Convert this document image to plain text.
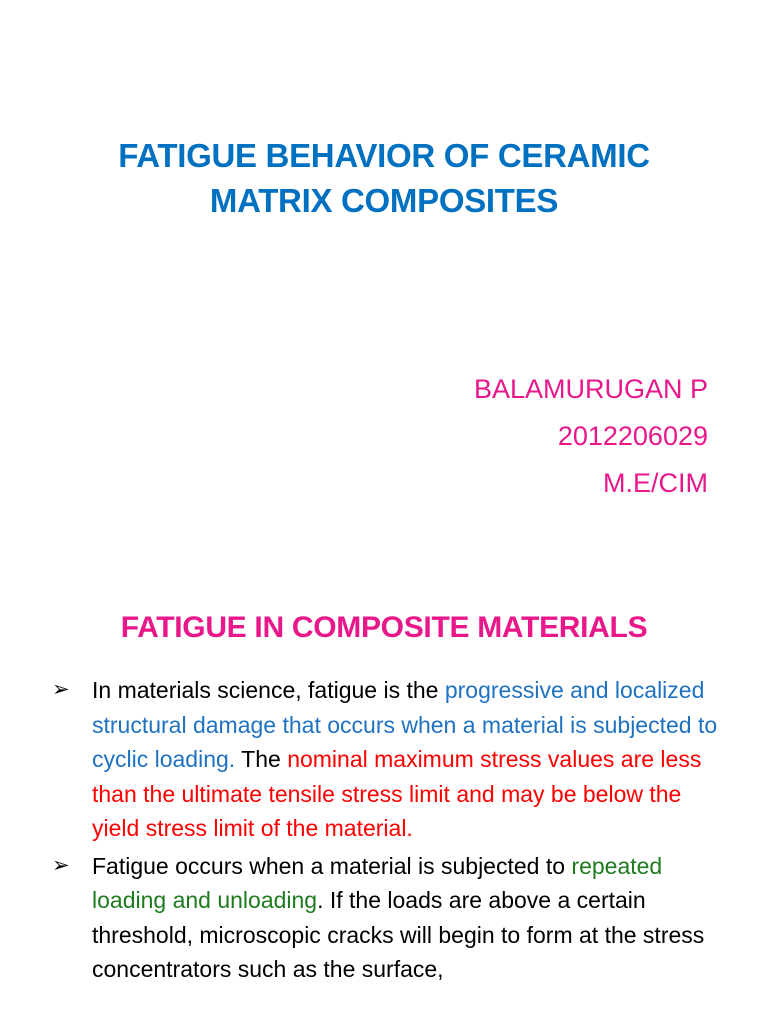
FATIGUE BEHAVIOR OF CERAMIC
MATRIX COMPOSITES
BALAMURUGAN P
2012206029
M.E/CIM
FATIGUE IN COMPOSITE MATERIALS
➢ In materials science, fatigue is the progressive and localized structural damage that occurs when a material is subjected to cyclic loading. The nominal maximum stress values are less than the ultimate tensile stress limit and may be below the yield stress limit of the material.
➢ Fatigue occurs when a material is subjected to repeated loading and unloading. If the loads are above a certain threshold, microscopic cracks will begin to form at the stress concentrators such as the surface,
